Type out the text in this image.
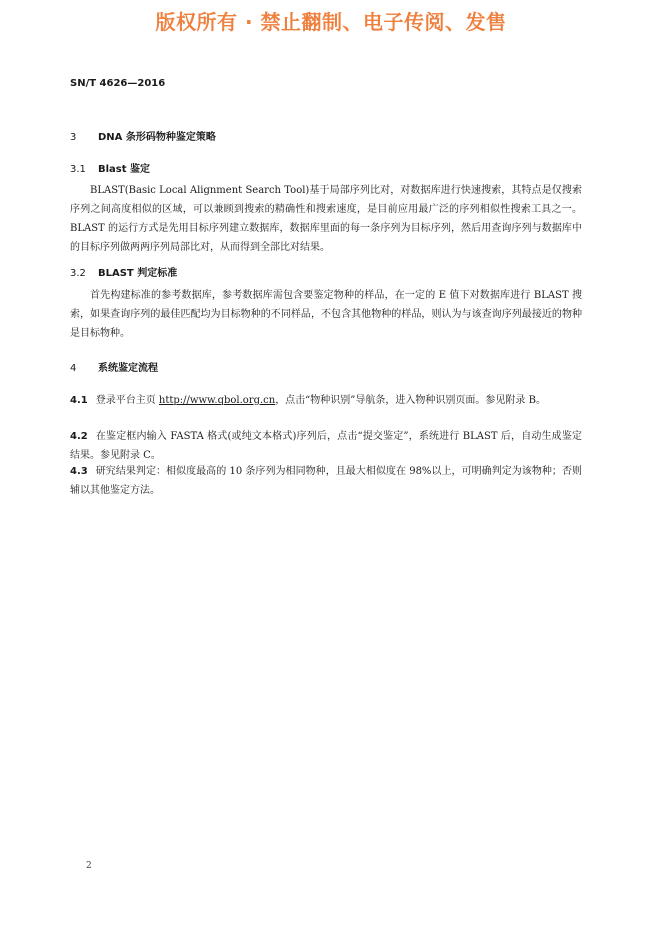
版权所有 · 禁止翻制、电子传阅、发售
SN/T 4626—2016
3 DNA 条形码物种鉴定策略
3.1 Blast 鉴定
BLAST(Basic Local Alignment Search Tool)基于局部序列比对，对数据库进行快速搜索，其特点是仅搜索序列之间高度相似的区域，可以兼顾到搜索的精确性和搜索速度，是目前应用最广泛的序列相似性搜索工具之一。BLAST 的运行方式是先用目标序列建立数据库，数据库里面的每一条序列为目标序列，然后用查询序列与数据库中的目标序列做两两序列局部比对，从而得到全部比对结果。
3.2 BLAST 判定标准
首先构建标准的参考数据库，参考数据库需包含要鉴定物种的样品，在一定的 E 值下对数据库进行 BLAST 搜索，如果查询序列的最佳匹配均为目标物种的不同样品，不包含其他物种的样品，则认为与该查询序列最接近的物种是目标物种。
4 系统鉴定流程
4.1 登录平台主页 http://www.qbol.org.cn，点击“物种识别”导航条，进入物种识别页面。参见附录 B。
4.2 在鉴定框内输入 FASTA 格式(或纯文本格式)序列后，点击“提交鉴定”，系统进行 BLAST 后，自动生成鉴定结果。参见附录 C。
4.3 研究结果判定：相似度最高的 10 条序列为相同物种，且最大相似度在 98%以上，可明确判定为该物种；否则辅以其他鉴定方法。
2
